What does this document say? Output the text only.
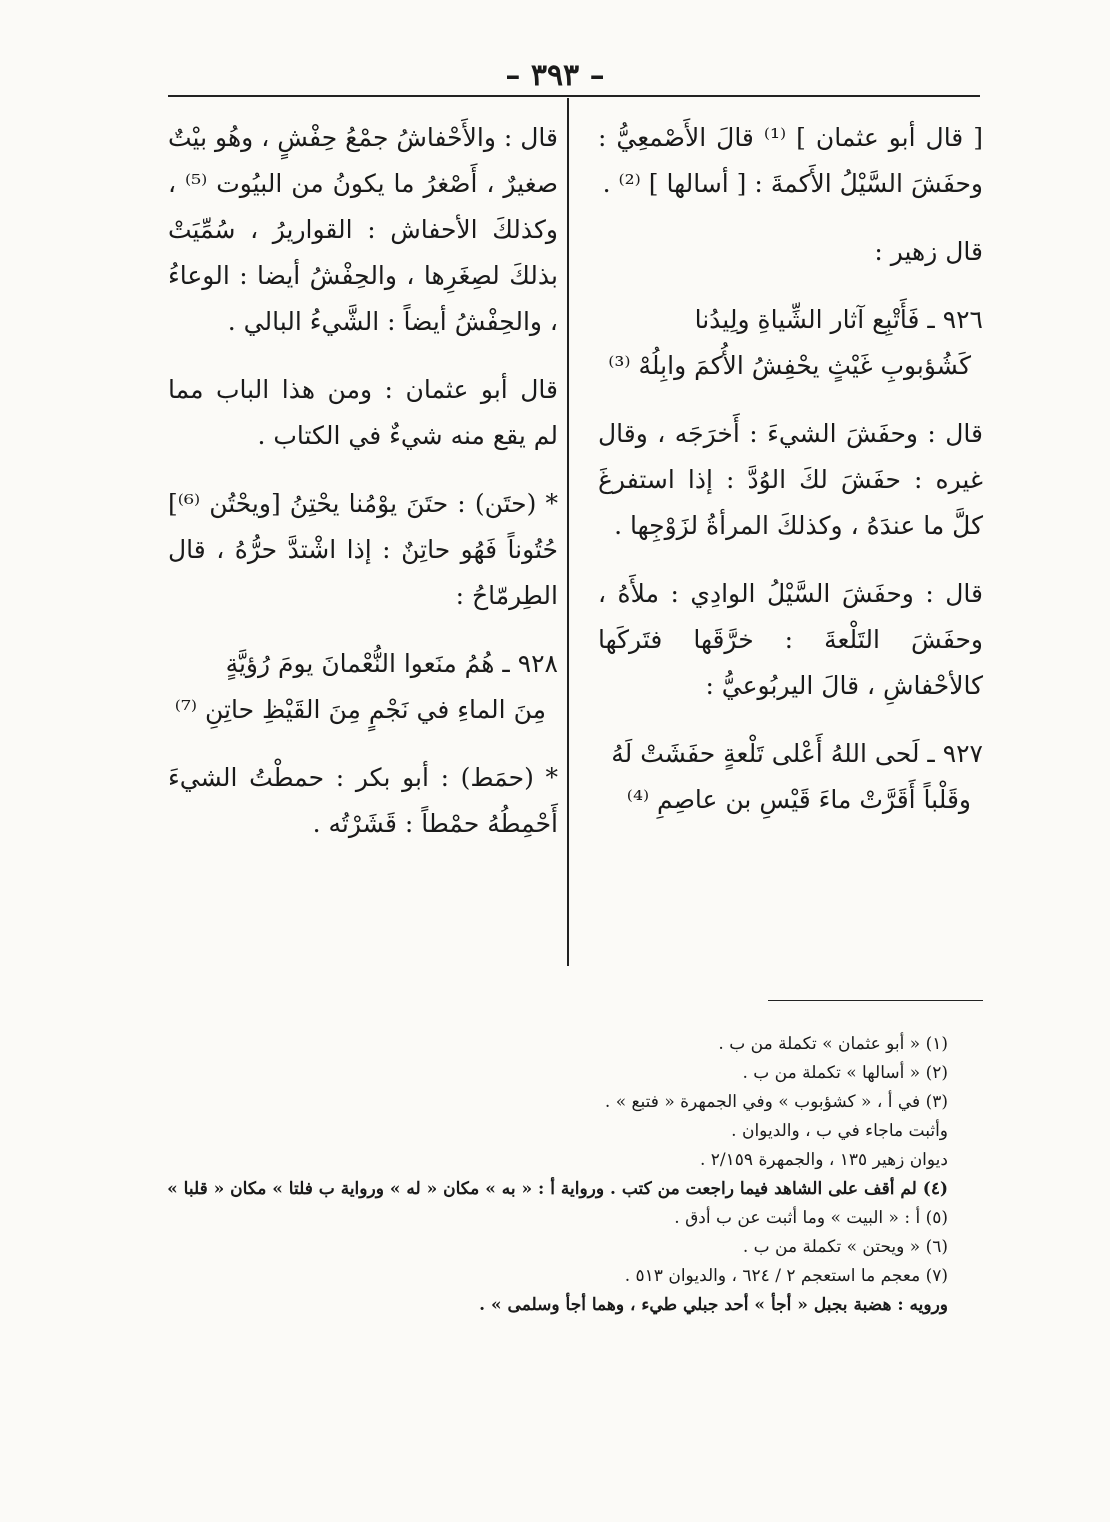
– ٣٩٣ –

[ قال أبو عثمان ] ⁽¹⁾ قالَ الأَصْمعِيُّ : وحفَشَ السَّيْلُ الأَكمةَ : [ أسالها ] ⁽²⁾ .

قال زهير :

٩٢٦ ـ فَأَتْبِع آثار الشِّياةِ ولِيدُنا
كَشُؤبوبِ غَيْثٍ يحْفِشُ الأُكمَ وابِلُهْ ⁽³⁾

قال : وحفَشَ الشيءَ : أَخرَجَه ، وقال غيره : حفَشَ لكَ الوُدَّ : إذا استفرغَ كلَّ ما عندَهُ ، وكذلكَ المرأةُ لزَوْجِها .

قال : وحفَشَ السَّيْلُ الوادِي : ملأَهُ ، وحفَشَ التَلْعةَ : خرَّقَها فتَركَها كالأحْفاشِ ، قالَ اليربُوعيُّ :

٩٢٧ ـ لَحى اللهُ أَعْلى تَلْعةٍ حفَشَتْ لَهُ
وقَلْباً أَقَرَّتْ ماءَ قَيْسِ بن عاصِمِ ⁽⁴⁾

قال : والأَحْفاشُ جمْعُ حِفْشٍ ، وهُو بيْتٌ صغيرٌ ، أَصْغرُ ما يكونُ من البيُوت ⁽⁵⁾ ، وكذلكَ الأحفاش : القواريرُ ، سُمِّيَتْ بذلكَ لصِغَرِها ، والحِفْشُ أيضا : الوعاءُ ، والحِفْشُ أيضاً : الشَّيءُ البالي .

قال أبو عثمان : ومن هذا الباب مما لم يقع منه شيءٌ في الكتاب .

* (حتَن) : حتَنَ يوْمُنا يحْتِنُ [ويحْتُن ⁽⁶⁾] حُتُوناً فَهُو حاتِنٌ : إذا اشْتدَّ حرُّهُ ، قال الطِرمّاحُ :

٩٢٨ ـ هُمُ منَعوا النُّعْمانَ يومَ رُؤيَّةٍ
مِنَ الماءِ في نَجْمٍ مِنَ القَيْظِ حاتِنِ ⁽⁷⁾

* (حمَط) : أبو بكر : حمطْتُ الشيءَ أَحْمِطُهُ حمْطاً : قَشَرْتُه .

(١) « أبو عثمان » تكملة من ب .
(٢) « أسالها » تكملة من ب .
(٣) في أ ، « كشؤبوب » وفي الجمهرة « فتبع » .
وأثبت ماجاء في ب ، والديوان .
ديوان زهير ١٣٥ ، والجمهرة ٢/١٥٩ .
(٤) لم أقف على الشاهد فيما راجعت من كتب . ورواية أ : « به » مكان « له » ورواية ب فلتا » مكان « قلبا »
(٥) أ : « البيت » وما أثبت عن ب أدق .
(٦) « ويحتن » تكملة من ب .
(٧) معجم ما استعجم ٢ / ٦٢٤ ، والديوان ٥١٣ .
ورويه : هضبة بجبل « أجأ » أحد جبلي طيء ، وهما أجأ وسلمى » .
